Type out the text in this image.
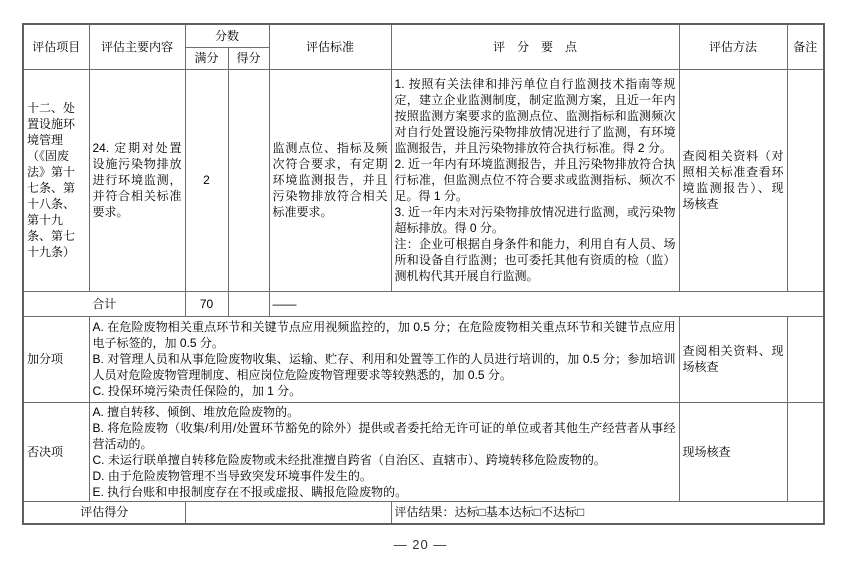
评估项目	评估主要内容	分数		评估标准	评　分　要　点	评估方法	备注
		满分	得分				
十二、处置设施环境管理（《固废法》第十七条、第十八条、第十九条、第七十九条）	24. 定期对处置设施污染物排放进行环境监测，并符合相关标准要求。	2		监测点位、指标及频次符合要求，有定期环境监测报告，并且污染物排放符合相关标准要求。	1. 按照有关法律和排污单位自行监测技术指南等规定，建立企业监测制度，制定监测方案，且近一年内按照监测方案要求的监测点位、监测指标和监测频次对自行处置设施污染物排放情况进行了监测，有环境监测报告，并且污染物排放符合执行标准。得 2 分。

2. 近一年内有环境监测报告，并且污染物排放符合执行标准，但监测点位不符合要求或监测指标、频次不足。得 1 分。

3. 近一年内未对污染物排放情况进行监测，或污染物超标排放。得 0 分。

注：企业可根据自身条件和能力，利用自有人员、场所和设备自行监测；也可委托其他有资质的检（监）测机构代其开展自行监测。	查阅相关资料（对照相关标准查看环境监测报告）、现场核查	
合计		70		——			
加分项	A. 在危险废物相关重点环节和关键节点应用视频监控的，加 0.5 分；在危险废物相关重点环节和关键节点应用电子标签的，加 0.5 分。

B. 对管理人员和从事危险废物收集、运输、贮存、利用和处置等工作的人员进行培训的，加 0.5 分；参加培训人员对危险废物管理制度、相应岗位危险废物管理要求等较熟悉的，加 0.5 分。

C. 投保环境污染责任保险的，加 1 分。					查阅相关资料、现场核查	
否决项	A. 擅自转移、倾倒、堆放危险废物的。

B. 将危险废物（收集/利用/处置环节豁免的除外）提供或者委托给无许可证的单位或者其他生产经营者从事经营活动的。

C. 未运行联单擅自转移危险废物或未经批准擅自跨省（自治区、直辖市）、跨境转移危险废物的。

D. 由于危险废物管理不当导致突发环境事件发生的。

E. 执行台账和申报制度存在不报或虚报、瞒报危险废物的。					现场核查	
评估得分					评估结果：达标□基本达标□不达标□		
— 20 —
